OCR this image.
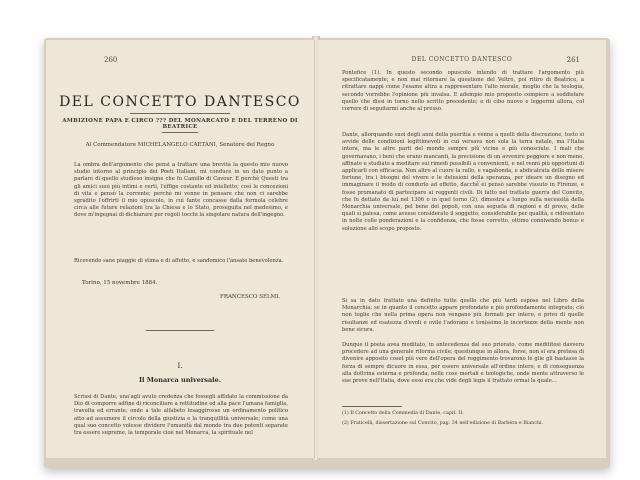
260
DEL CONCETTO DANTESCO
AMBIZIONE PAPA E CIRCO ??? DEL MONARCATO E DEL TERRENO DI BEATRICE
Al Commendatore MICHELANGELO CAETANI, Senatore del Regno

La ombra dell'argomento che pensi a trattare una brevità la questo mio nuovo studio intorno al principio dei Poeti Italiani, mi conduce in un dato punto a parlare di quello studioso insigne che fu Camillo di Cavour. E perchè Questi tra gli amici suoi più intimi e certi, l'effige costante ed intelletto; così le concezioni di vita e pensò la corrente; perchè mi venne in pensare che non ci sarebbe sgradito l'offrirti il mio opuscolo, in cui fante concasse dalla formola celebre circa alle future relazioni tra la Chiesa e lo Stato, proseguita nel medesimo, e dove m'ingegnai di dichiarare per regoli tocchi la singolare natura dell'ingegno.

Ricevendo sane piaggie di stima e di affetto, e sandomico l'ansate benevolenza.

Torino, 15 novembre 1884.
FRANCESCO SELMI.
I.
Il Monarca universale.

Scrissi di Dante, una'agli avuto credenza che fossegli affidato la commissione da Dio di comporre adfine di riconciliare a rettitudine ed alla pace l'umana famiglia, travolta ed errante; onde a tale alfabeto lesaggirosse un ordinamento politico atto ad assumere il circolo della giustizia e la tranquillità universale; come una qual suo concetto volesse dividere l'umanità dal mondo tra due potenti separate tra essere supreme, la temporale cioè nel Monarca, la spirituale nel

DEL CONCETTO DANTESCO	261

Pontefice (1). In questo secondo opuscolo intendo di trattare l'argomento più specificatamente; e non mai ritornare la questione del Veltro, poi ritiro di Beatrice, a ritrattare nappi come l'esame altra a rappresentare l'alto morale, meglio che la teologia, secondo vorrebbe l'opinione più invalsa. E adempio mio proposito compiere a soddisfare quello che dissi in torno nello scritto precedente; e di cibo nuovo e leggermi allora, col correre di seguitarmi anche al presso.

Dante, allorquando suoi degli anni della pueritia e venne a quelli della discrezione, tosto si avvide delle condizioni legittimevoli in cui versava non sola la terra natale, ma l'Italia intera, ma le altre parti del mondo sempre più vicine e più conosciute. I mali che governavano, i beni che erano mancanti, la precisione di un avvenire peggiore e non meno, affinate e studiato a meditare sui rimedi possibili a convenienti, e nel renni più opportuni di applicarli con efficacia. Non altro al cuore la rallo, e vagabonda, e abdicatrata delle misere fortune, tra i bisogni del vivere e le delusioni della speranza, per ideare un disegno ed immaginare il modo di condurlo ad effetto, dacchè ei pensò sarebbe vissuto in Firenze, e fosse promanato di partecipare ai reggenti civili. Di fatto nel trattato guerra del Convito, che fu dettato da lui nel 1306 o in quel torno (2), dimostra a lungo sulla necessità della Monarchia universale, pel bene dei popoli, con una seguela di ragioni e di prove, delle quali sì palesa, come avesse considerato il soggetto, considerabile per qualità, e ridiventato in nolte colle ponderazioni e la confidenza, che fosse corretto, ottimo connivendo bonus e soluzione allo scopo proposto.

Si sa in dato trattato una definito tutte quello che più tardi espose nel Libro della Monarchia; se in quanto il concetto appare profondato e più profondamente integrato; ciò non toglie che nella prima opera non vengano più formati per intero, e privo di quelle risultanze ed esatezza d'evoli e ovile l'adorano e tonissimo le incertezze della mente non bene sicura.

Dunque il poeta avea meditato, in antecedenza dal suo priorato, come medititosi davvero procedere ad una generale riforma civile; questunque in allora, forse, non si era pretesa di divenire apposito coset più vere dell'opera del reggimento trovarono le glie gli bastasse la forza di sempre dicuore in essa, per essere universale all'ordine intero, e di conseguenza alla dottrina esterna e profonda, nelle cose mortali e teologiche, onde mente attraverso le sue prove nell'Italia, dove esso era che vide degli legis il trattato ormai la quale...

(1) Il Concetto della Commedia di Dante, capit. II.
(2) Fraticelli, dissertazione sul Convito, pag. 34 nell'edizione di Barbèra e Bianchi.
